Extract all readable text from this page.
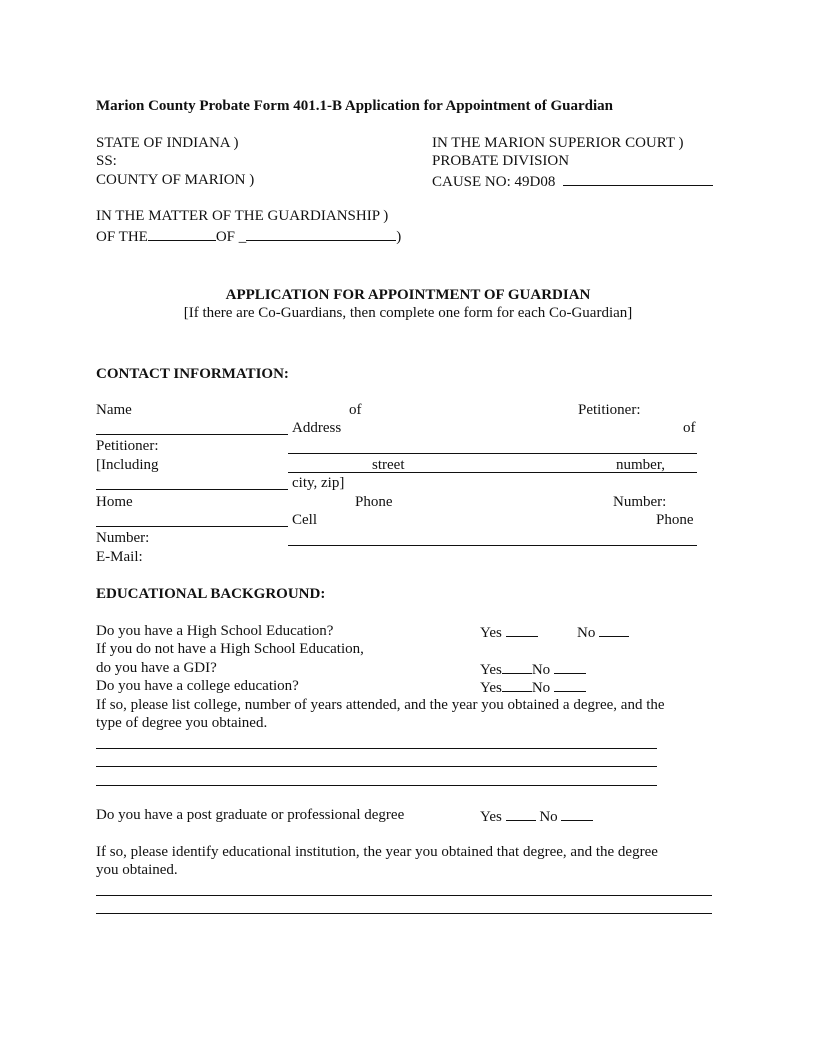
Marion County Probate Form 401.1-B Application for Appointment of Guardian
STATE OF INDIANA )
SS:
COUNTY OF MARION )
IN THE MARION SUPERIOR COURT )
PROBATE DIVISION
CAUSE NO: 49D08
IN THE MATTER OF THE GUARDIANSHIP )
OF THE	OF _	)
APPLICATION FOR APPOINTMENT OF GUARDIAN
[If there are Co-Guardians, then complete one form for each Co-Guardian]
CONTACT INFORMATION:
Name	of	Petitioner:
Address	of
Petitioner:
[Including	street	number,
city, zip]
Home	Phone	Number:
Cell	Phone
Number:
E-Mail:
EDUCATIONAL BACKGROUND:
Do you have a High School Education?	Yes	No
If you do not have a High School Education,
do you have a GDI?	Yes No
Do you have a college education?	Yes No
If so, please list college, number of years attended, and the year you obtained a degree, and the
type of degree you obtained.
Do you have a post graduate or professional degree	Yes	No
If so, please identify educational institution, the year you obtained that degree, and the degree
you obtained.
